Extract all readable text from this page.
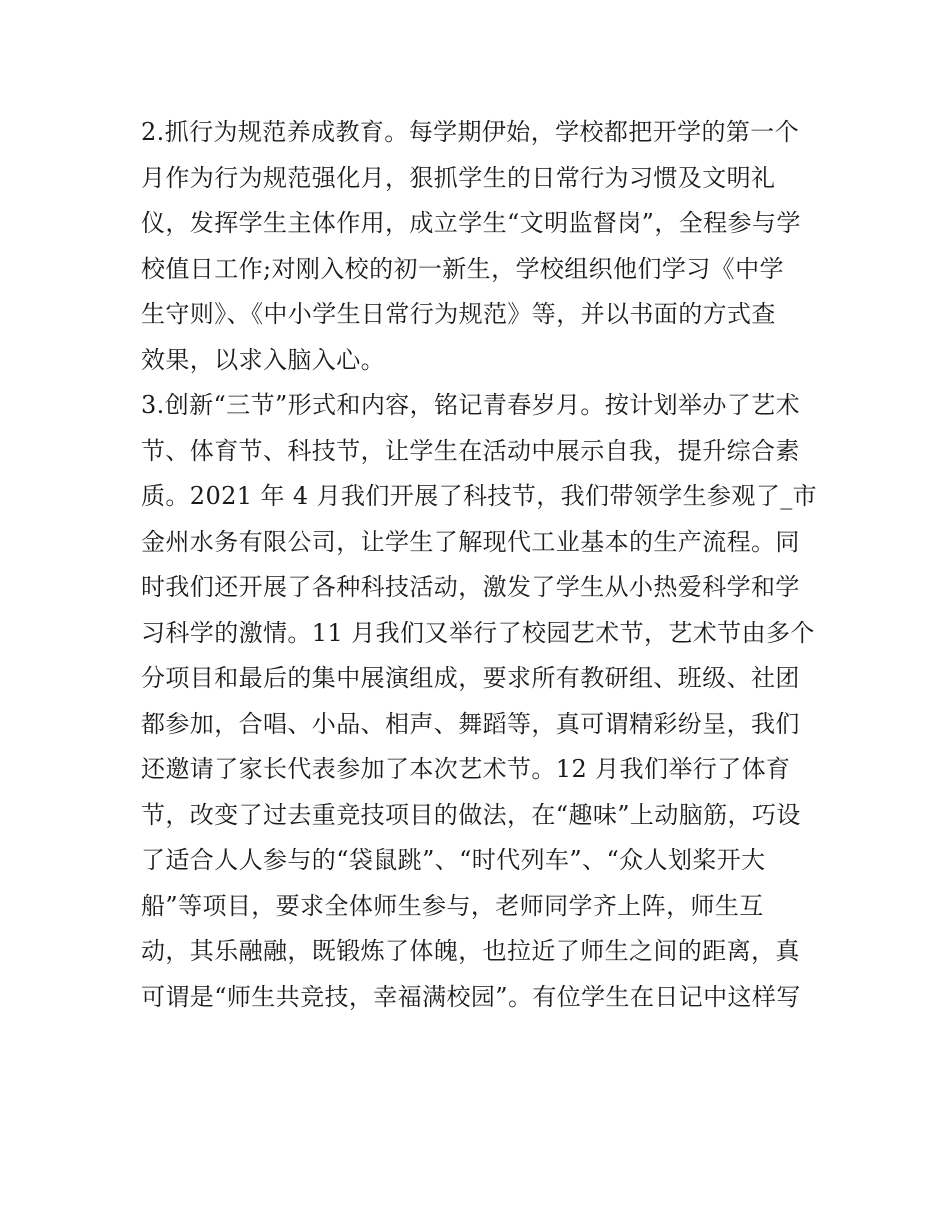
2.抓行为规范养成教育。每学期伊始，学校都把开学的第一个
月作为行为规范强化月，狠抓学生的日常行为习惯及文明礼
仪，发挥学生主体作用，成立学生“文明监督岗”，全程参与学
校值日工作;对刚入校的初一新生，学校组织他们学习《中学
生守则》、《中小学生日常行为规范》等，并以书面的方式查
效果，以求入脑入心。
3.创新“三节”形式和内容，铭记青春岁月。按计划举办了艺术
节、体育节、科技节，让学生在活动中展示自我，提升综合素
质。2021 年 4 月我们开展了科技节，我们带领学生参观了_市
金州水务有限公司，让学生了解现代工业基本的生产流程。同
时我们还开展了各种科技活动，激发了学生从小热爱科学和学
习科学的激情。11 月我们又举行了校园艺术节，艺术节由多个
分项目和最后的集中展演组成，要求所有教研组、班级、社团
都参加，合唱、小品、相声、舞蹈等，真可谓精彩纷呈，我们
还邀请了家长代表参加了本次艺术节。12 月我们举行了体育
节，改变了过去重竞技项目的做法，在“趣味”上动脑筋，巧设
了适合人人参与的“袋鼠跳”、“时代列车”、“众人划桨开大
船”等项目，要求全体师生参与，老师同学齐上阵，师生互
动，其乐融融，既锻炼了体魄，也拉近了师生之间的距离，真
可谓是“师生共竞技，幸福满校园”。有位学生在日记中这样写
